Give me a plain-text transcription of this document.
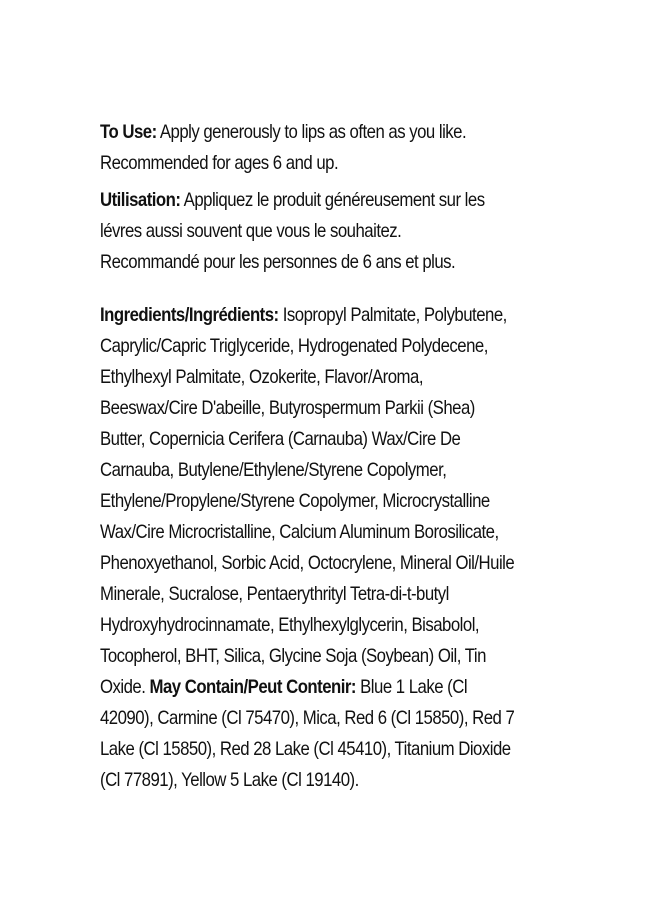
To Use: Apply generously to lips as often as you like.
Recommended for ages 6 and up.

Utilisation: Appliquez le produit généreusement sur les
lévres aussi souvent que vous le souhaitez.
Recommandé pour les personnes de 6 ans et plus.

Ingredients/Ingrédients: Isopropyl Palmitate, Polybutene,
Caprylic/Capric Triglyceride, Hydrogenated Polydecene,
Ethylhexyl Palmitate, Ozokerite, Flavor/Aroma,
Beeswax/Cire D'abeille, Butyrospermum Parkii (Shea)
Butter, Copernicia Cerifera (Carnauba) Wax/Cire De
Carnauba, Butylene/Ethylene/Styrene Copolymer,
Ethylene/Propylene/Styrene Copolymer, Microcrystalline
Wax/Cire Microcristalline, Calcium Aluminum Borosilicate,
Phenoxyethanol, Sorbic Acid, Octocrylene, Mineral Oil/Huile
Minerale, Sucralose, Pentaerythrityl Tetra-di-t-butyl
Hydroxyhydrocinnamate, Ethylhexylglycerin, Bisabolol,
Tocopherol, BHT, Silica, Glycine Soja (Soybean) Oil, Tin
Oxide. May Contain/Peut Contenir: Blue 1 Lake (Cl
42090), Carmine (Cl 75470), Mica, Red 6 (Cl 15850), Red 7
Lake (Cl 15850), Red 28 Lake (Cl 45410), Titanium Dioxide
(Cl 77891), Yellow 5 Lake (Cl 19140).
